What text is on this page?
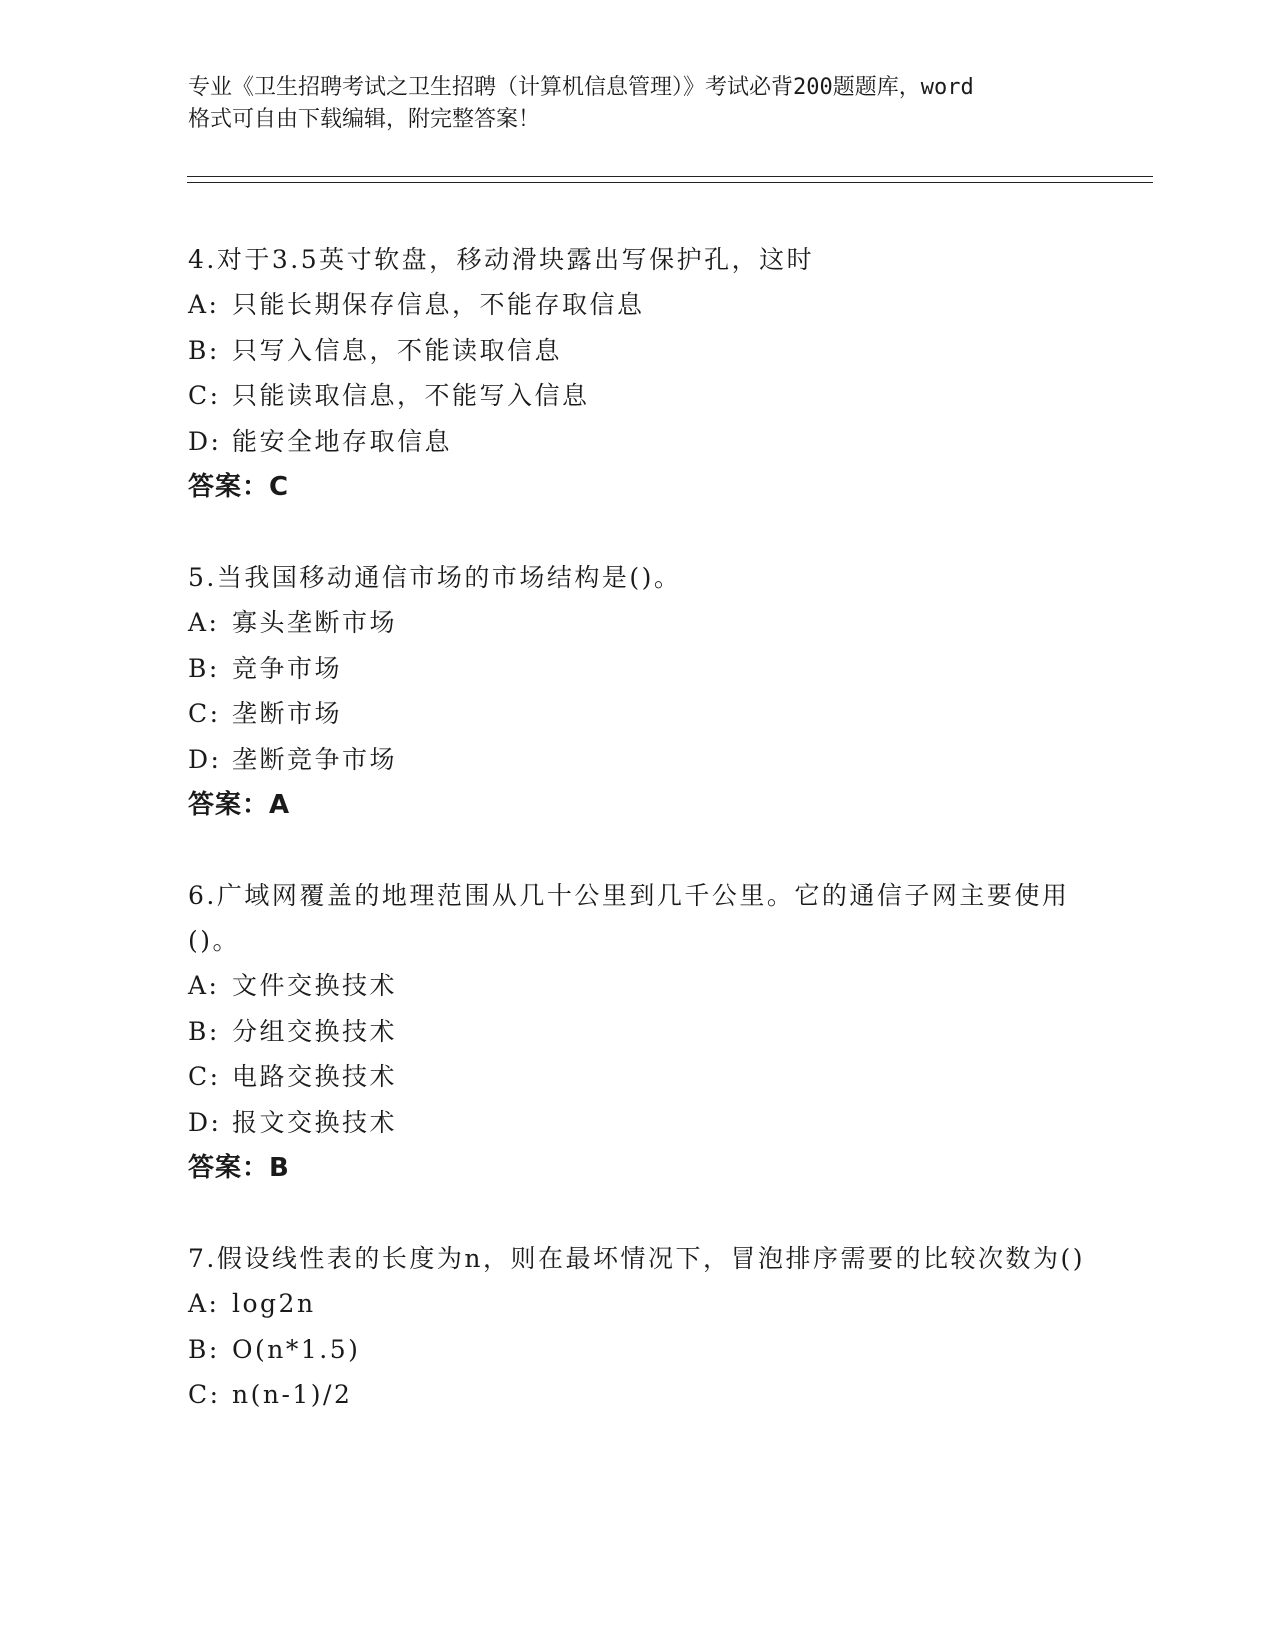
专业《卫生招聘考试之卫生招聘（计算机信息管理）》考试必背200题题库，word
格式可自由下载编辑，附完整答案！
4.对于3.5英寸软盘，移动滑块露出写保护孔，这时
A: 只能长期保存信息，不能存取信息
B: 只写入信息，不能读取信息
C: 只能读取信息，不能写入信息
D: 能安全地存取信息
答案：C
5.当我国移动通信市场的市场结构是()。
A: 寡头垄断市场
B: 竞争市场
C: 垄断市场
D: 垄断竞争市场
答案：A
6.广域网覆盖的地理范围从几十公里到几千公里。它的通信子网主要使用()。
A: 文件交换技术
B: 分组交换技术
C: 电路交换技术
D: 报文交换技术
答案：B
7.假设线性表的长度为n，则在最坏情况下，冒泡排序需要的比较次数为()
A: log2n
B: O(n*1.5)
C: n(n-1)/2
